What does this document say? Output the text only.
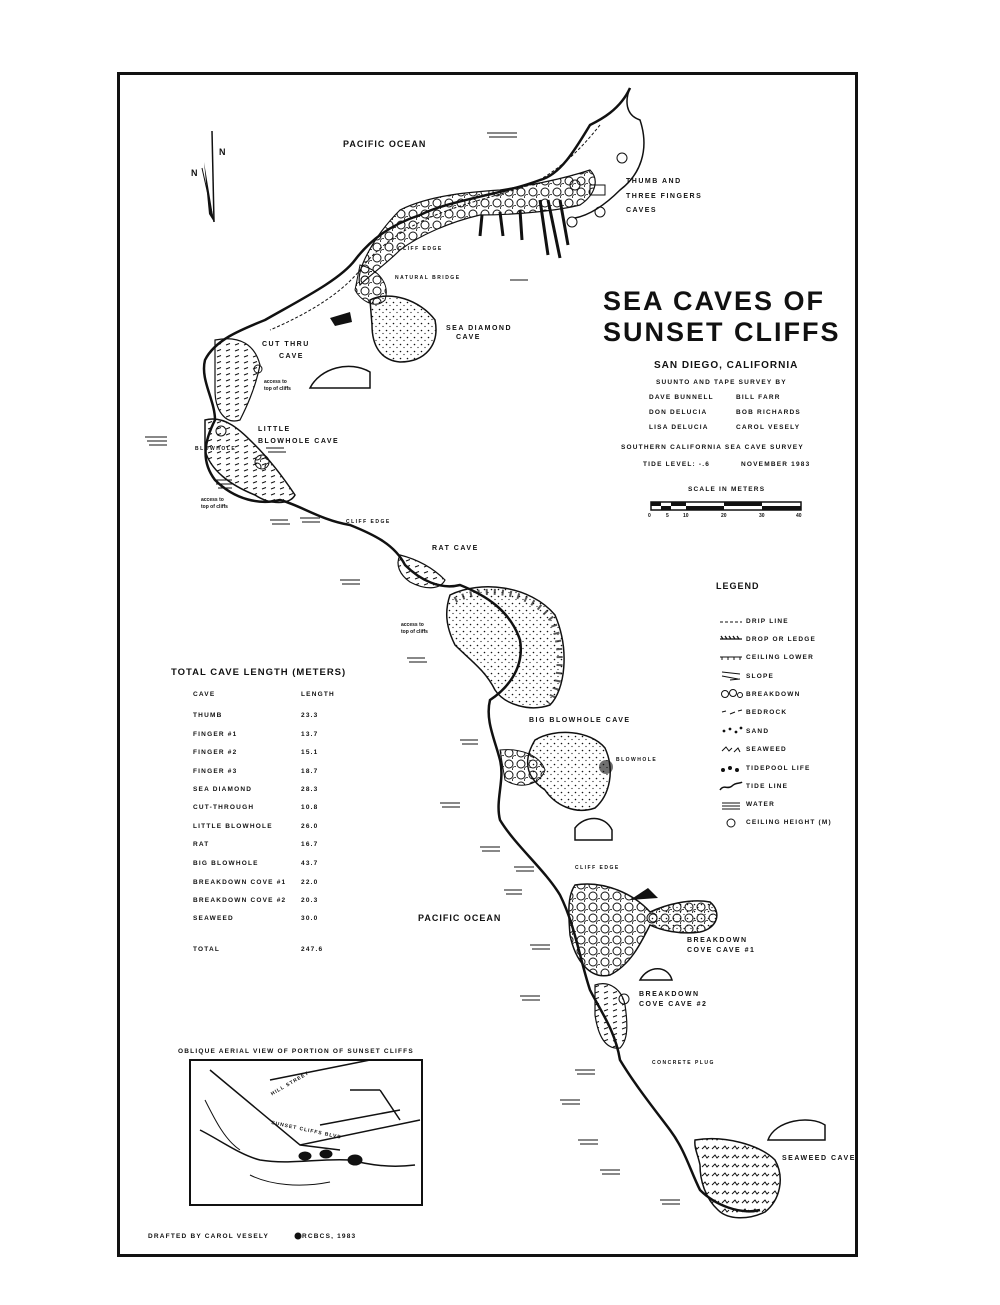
N
N
PACIFIC OCEAN
PACIFIC OCEAN
THUMB AND
THREE FINGERS
CAVES
CLIFF EDGE
NATURAL BRIDGE
SEA DIAMOND
CAVE
CUT THRU
CAVE
access to
top of cliffs
LITTLE
BLOWHOLE CAVE
BLOWHOLE
access to
top of cliffs
CLIFF EDGE
RAT CAVE
access to
top of cliffs
BIG BLOWHOLE CAVE
BLOWHOLE
CLIFF EDGE
BREAKDOWN
COVE CAVE #1
BREAKDOWN
COVE CAVE #2
CONCRETE PLUG
SEAWEED CAVE
SEA CAVES OF
SUNSET CLIFFS
SAN DIEGO, CALIFORNIA
SUUNTO AND TAPE SURVEY BY
DAVE BUNNELL	BILL FARR
DON DELUCIA	BOB RICHARDS
LISA DELUCIA	CAROL VESELY
SOUTHERN CALIFORNIA SEA CAVE SURVEY
TIDE LEVEL: -.6	NOVEMBER 1983
SCALE IN METERS
0	5	10	20	30	40
LEGEND
DRIP LINE
DROP OR LEDGE
CEILING LOWER
SLOPE
BREAKDOWN
BEDROCK
SAND
SEAWEED
TIDEPOOL LIFE
TIDE LINE
WATER
CEILING HEIGHT (M)
TOTAL CAVE LENGTH (METERS)
CAVE	LENGTH
THUMB	23.3
FINGER #1	13.7
FINGER #2	15.1
FINGER #3	18.7
SEA DIAMOND	28.3
CUT-THROUGH	10.8
LITTLE BLOWHOLE	26.0
RAT	16.7
BIG BLOWHOLE	43.7
BREAKDOWN COVE #1 22.0
BREAKDOWN COVE #2 20.3
SEAWEED	30.0
TOTAL	247.6
OBLIQUE AERIAL VIEW OF PORTION OF SUNSET CLIFFS
HILL STREET
SUNSET CLIFFS BLVD
DRAFTED BY CAROL VESELY	©RCBCS, 1983
